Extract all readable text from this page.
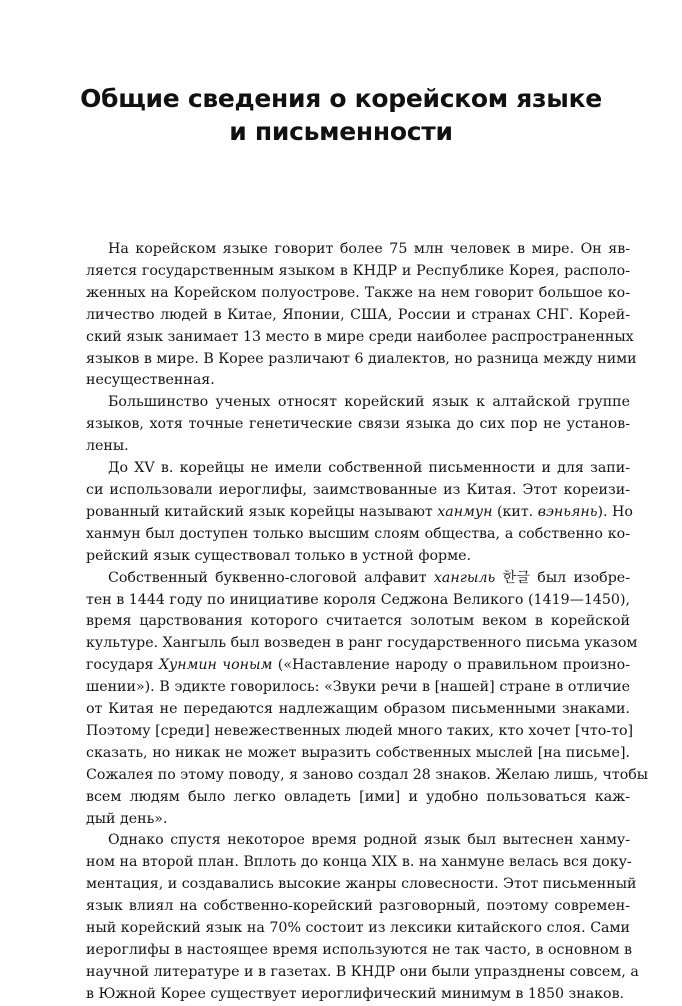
Общие сведения о корейском языке
и письменности
На корейском языке говорит более 75 млн человек в мире. Он яв-
ляется государственным языком в КНДР и Республике Корея, располо-
женных на Корейском полуострове. Также на нем говорит большое ко-
личество людей в Китае, Японии, США, России и странах СНГ. Корей-
ский язык занимает 13 место в мире среди наиболее распространенных
языков в мире. В Корее различают 6 диалектов, но разница между ними
несущественная.
Большинство ученых относят корейский язык к алтайской группе
языков, хотя точные генетические связи языка до сих пор не установ-
лены.
До XV в. корейцы не имели собственной письменности и для запи-
си использовали иероглифы, заимствованные из Китая. Этот кореизи-
рованный китайский язык корейцы называют ханмун (кит. вэньянь). Но
ханмун был доступен только высшим слоям общества, а собственно ко-
рейский язык существовал только в устной форме.
Собственный буквенно-слоговой алфавит хангыль 한글 был изобре-
тен в 1444 году по инициативе короля Седжона Великого (1419—1450),
время царствования которого считается золотым веком в корейской
культуре. Хангыль был возведен в ранг государственного письма указом
государя Хунмин чоным («Наставление народу о правильном произно-
шении»). В эдикте говорилось: «Звуки речи в [нашей] стране в отличие
от Китая не передаются надлежащим образом письменными знаками.
Поэтому [среди] невежественных людей много таких, кто хочет [что-то]
сказать, но никак не может выразить собственных мыслей [на письме].
Сожалея по этому поводу, я заново создал 28 знаков. Желаю лишь, чтобы
всем людям было легко овладеть [ими] и удобно пользоваться каж-
дый день».
Однако спустя некоторое время родной язык был вытеснен ханму-
ном на второй план. Вплоть до конца XIX в. на ханмуне велась вся доку-
ментация, и создавались высокие жанры словесности. Этот письменный
язык влиял на собственно-корейский разговорный, поэтому современ-
ный корейский язык на 70% состоит из лексики китайского слоя. Сами
иероглифы в настоящее время используются не так часто, в основном в
научной литературе и в газетах. В КНДР они были упразднены совсем, а
в Южной Корее существует иероглифический минимум в 1850 знаков.
